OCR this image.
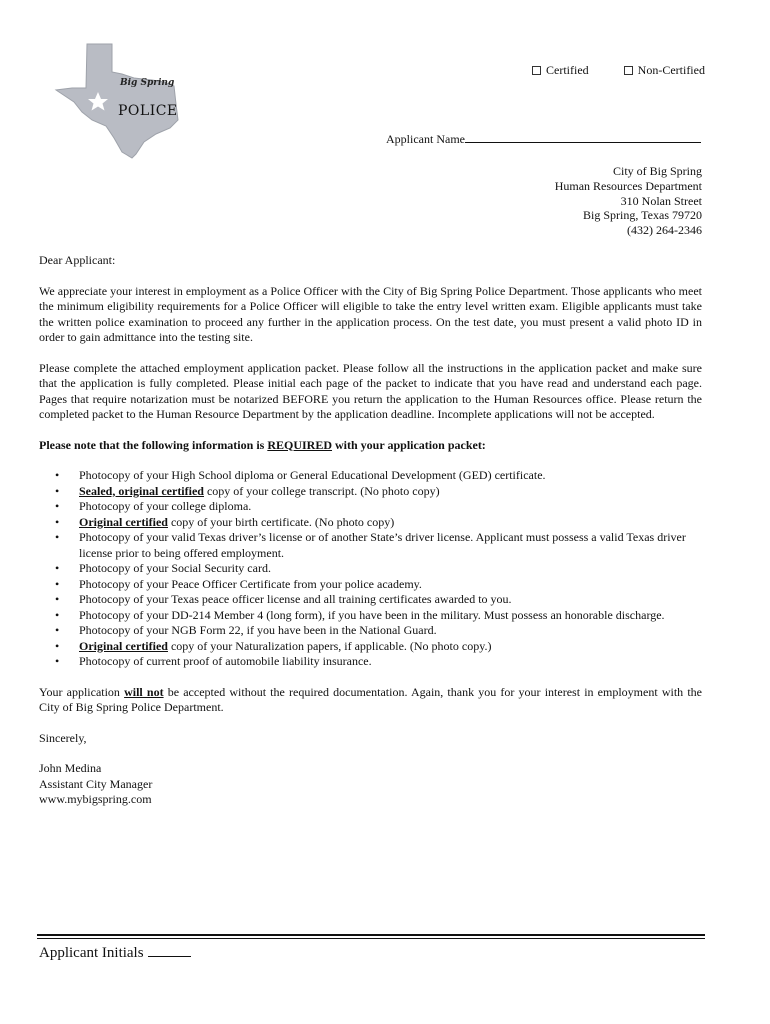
Big Spring
POLICE
Certified
	Non-Certified
Applicant Name
City of Big Spring
Human Resources Department
310 Nolan Street
Big Spring, Texas 79720
(432) 264-2346

Dear Applicant:

We appreciate your interest in employment as a Police Officer with the City of Big Spring Police Department. Those applicants who meet the minimum eligibility requirements for a Police Officer will eligible to take the entry level written exam. Eligible applicants must take the written police examination to proceed any further in the application process. On the test date, you must present a valid photo ID in order to gain admittance into the testing site.

Please complete the attached employment application packet. Please follow all the instructions in the application packet and make sure that the application is fully completed. Please initial each page of the packet to indicate that you have read and understand each page. Pages that require notarization must be notarized BEFORE you return the application to the Human Resources office. Please return the completed packet to the Human Resource Department by the application deadline. Incomplete applications will not be accepted.

Please note that the following information is REQUIRED with your application packet:

• Photocopy of your High School diploma or General Educational Development (GED) certificate.
• Sealed, original certified copy of your college transcript. (No photo copy)
• Photocopy of your college diploma.
• Original certified copy of your birth certificate. (No photo copy)
• Photocopy of your valid Texas driver’s license or of another State’s driver license. Applicant must possess a valid Texas driver license prior to being offered employment.
• Photocopy of your Social Security card.
• Photocopy of your Peace Officer Certificate from your police academy.
• Photocopy of your Texas peace officer license and all training certificates awarded to you.
• Photocopy of your DD-214 Member 4 (long form), if you have been in the military. Must possess an honorable discharge.
• Photocopy of your NGB Form 22, if you have been in the National Guard.
• Original certified copy of your Naturalization papers, if applicable. (No photo copy.)
• Photocopy of current proof of automobile liability insurance.

Your application will not be accepted without the required documentation. Again, thank you for your interest in employment with the City of Big Spring Police Department.

Sincerely,

John Medina
Assistant City Manager
www.mybigspring.com
Applicant Initials
